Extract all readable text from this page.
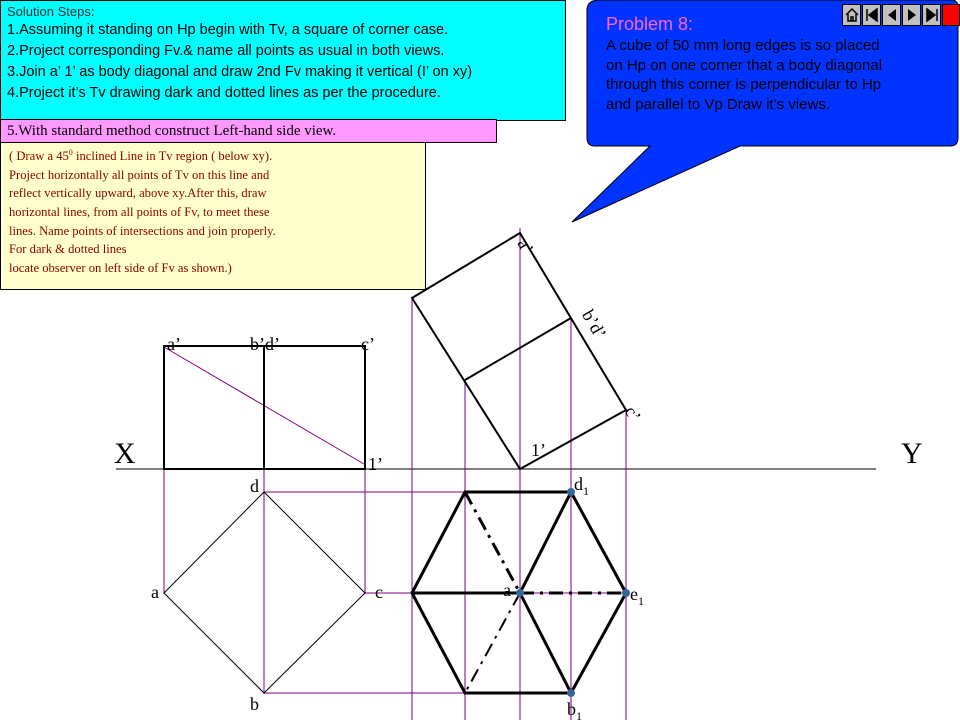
X	Y
a’	b’d’	c’
1’
a’
b’d’
c’
1’
d
a	c
b
a
$d_1$
$e_1$
$b_1$
Solution Steps:
1.Assuming it standing on Hp begin with Tv, a square of corner case.
2.Project corresponding Fv.& name all points as usual in both views.
3.Join a’ 1’ as body diagonal and draw 2nd Fv making it vertical (I’ on xy)
4.Project it’s Tv drawing dark and dotted lines as per the procedure.
5.With standard method construct Left-hand side view.
( Draw a $45^0$ inclined Line in Tv region ( below xy).
Project horizontally all points of Tv on this line and
reflect vertically upward, above xy.After this, draw
horizontal lines, from all points of Fv, to meet these
lines. Name points of intersections and join properly.
For dark & dotted lines
locate observer on left side of Fv as shown.)
Problem 8:
A cube of 50 mm long edges is so placed
on Hp on one corner that a body diagonal
through this corner is perpendicular to Hp
and parallel to Vp Draw it’s views.
